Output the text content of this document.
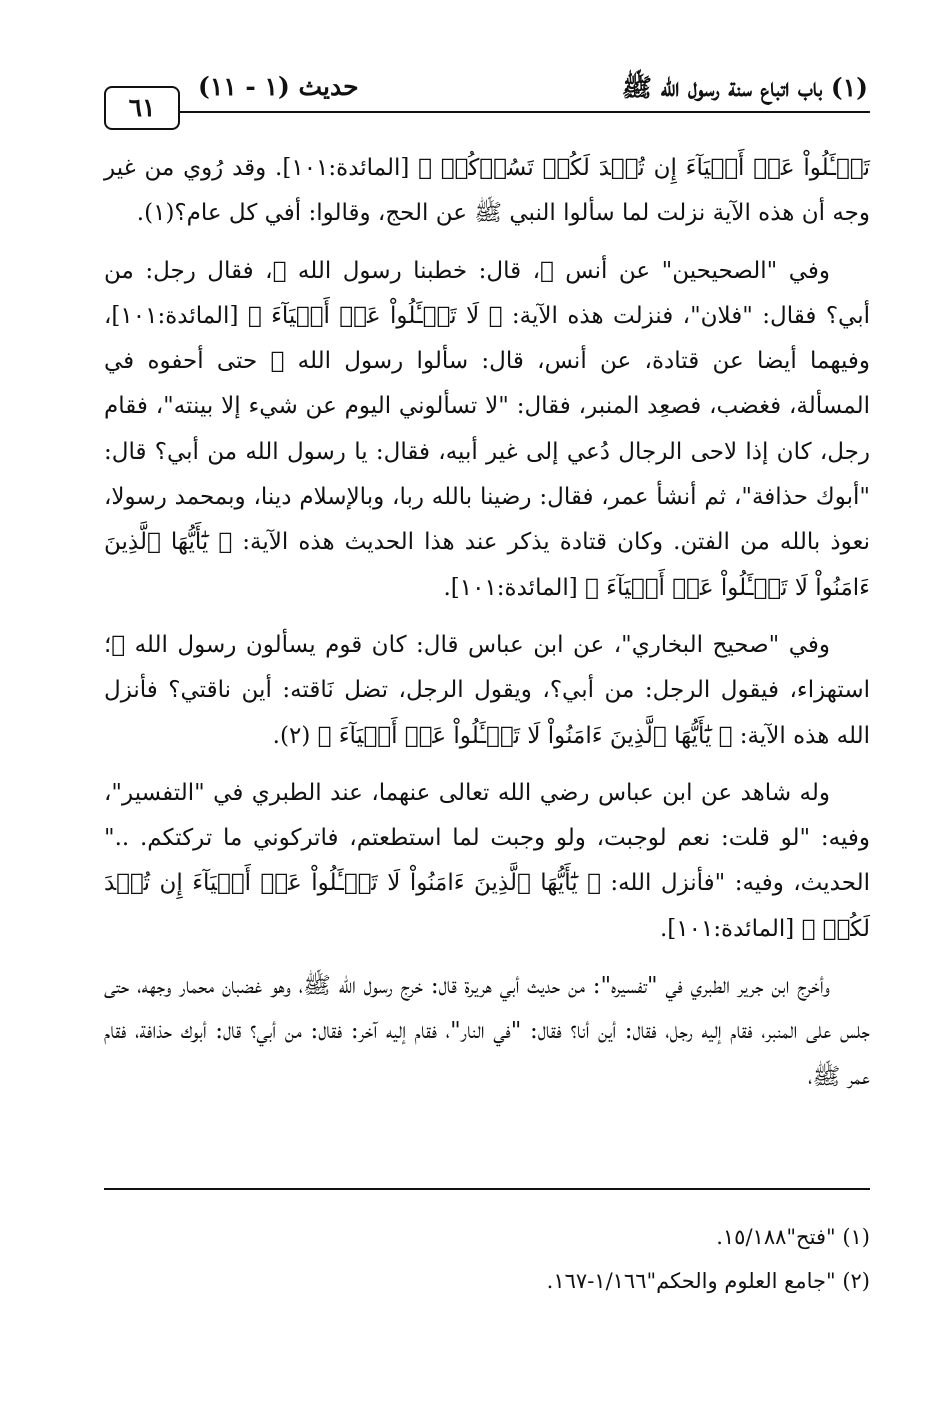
(١) باب اتباع سنة رسول الله ﷺ
حديث (١ - ١١)
٦١

تَسۡـَٔلُواْ عَنۡ أَشۡيَآءَ إِن تُبۡدَ لَكُمۡ تَسُؤۡكُمۡ ﴾ [المائدة:١٠١]. وقد رُوي من غير وجه أن هذه الآية نزلت لما سألوا النبي ﷺ عن الحج، وقالوا: أفي كل عام؟(١).

وفي "الصحيحين" عن أنس ﷺ، قال: خطبنا رسول الله ﷺ، فقال رجل: من أبي؟ فقال: "فلان"، فنزلت هذه الآية: ﴿ لَا تَسۡـَٔلُواْ عَنۡ أَشۡيَآءَ ﴾ [المائدة:١٠١]، وفيهما أيضا عن قتادة، عن أنس، قال: سألوا رسول الله ﷺ حتى أحفوه في المسألة، فغضب، فصعِد المنبر، فقال: "لا تسألوني اليوم عن شيء إلا بينته"، فقام رجل، كان إذا لاحى الرجال دُعي إلى غير أبيه، فقال: يا رسول الله من أبي؟ قال: "أبوك حذافة"، ثم أنشأ عمر، فقال: رضينا بالله ربا، وبالإسلام دينا، وبمحمد رسولا، نعوذ بالله من الفتن. وكان قتادة يذكر عند هذا الحديث هذه الآية: ﴿ يَٰٓأَيُّهَا ٱلَّذِينَ ءَامَنُواْ لَا تَسۡـَٔلُواْ عَنۡ أَشۡيَآءَ ﴾ [المائدة:١٠١].

وفي "صحيح البخاري"، عن ابن عباس قال: كان قوم يسألون رسول الله ﷺ؛ استهزاء، فيقول الرجل: من أبي؟، ويقول الرجل، تضل نَاقته: أين ناقتي؟ فأنزل الله هذه الآية: ﴿ يَٰٓأَيُّهَا ٱلَّذِينَ ءَامَنُواْ لَا تَسۡـَٔلُواْ عَنۡ أَشۡيَآءَ ﴾ (٢).

وله شاهد عن ابن عباس رضي الله تعالى عنهما، عند الطبري في "التفسير"، وفيه: "لو قلت: نعم لوجبت، ولو وجبت لما استطعتم، فاتركوني ما تركتكم. .." الحديث، وفيه: "فأنزل الله: ﴿ يَٰٓأَيُّهَا ٱلَّذِينَ ءَامَنُواْ لَا تَسۡـَٔلُواْ عَنۡ أَشۡيَآءَ إِن تُبۡدَ لَكُمۡ ﴾ [المائدة:١٠١].

وأخرج ابن جرير الطبري في "تفسيره": من حديث أبي هريرة قال: خرج رسول الله ﷺ، وهو غضبان محمار وجهه، حتى جلس على المنبر، فقام إليه رجل، فقال: أين أنا؟ فقال: "في النار"، فقام إليه آخر: فقال: من أبي؟ قال: أبوك حذافة، فقام عمر ﷺ،

(١) "فتح"١٥/١٨٨.
(٢) "جامع العلوم والحكم"١/١٦٦-١٦٧.
